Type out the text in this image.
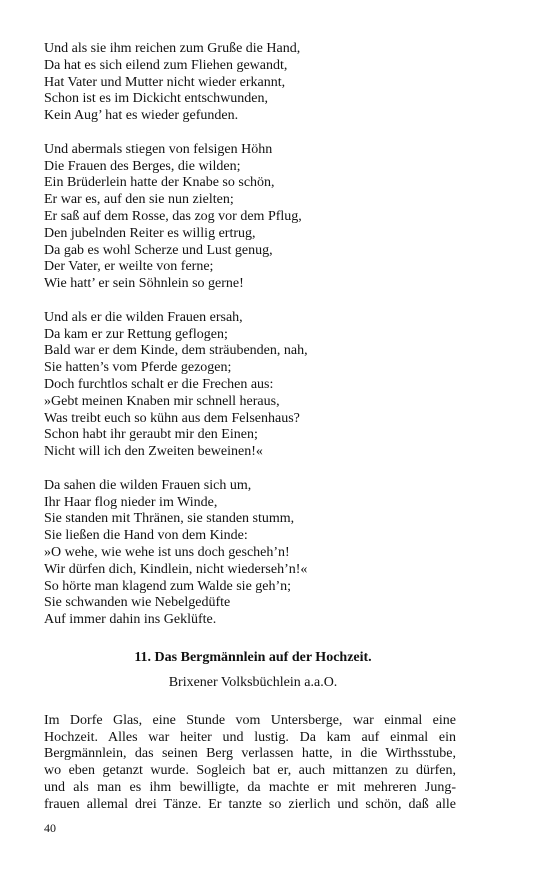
Und als sie ihm reichen zum Gruße die Hand,
Da hat es sich eilend zum Fliehen gewandt,
Hat Vater und Mutter nicht wieder erkannt,
Schon ist es im Dickicht entschwunden,
Kein Aug’ hat es wieder gefunden.
Und abermals stiegen von felsigen Höhn
Die Frauen des Berges, die wilden;
Ein Brüderlein hatte der Knabe so schön,
Er war es, auf den sie nun zielten;
Er saß auf dem Rosse, das zog vor dem Pflug,
Den jubelnden Reiter es willig ertrug,
Da gab es wohl Scherze und Lust genug,
Der Vater, er weilte von ferne;
Wie hatt’ er sein Söhnlein so gerne!
Und als er die wilden Frauen ersah,
Da kam er zur Rettung geflogen;
Bald war er dem Kinde, dem sträubenden, nah,
Sie hatten’s vom Pferde gezogen;
Doch furchtlos schalt er die Frechen aus:
»Gebt meinen Knaben mir schnell heraus,
Was treibt euch so kühn aus dem Felsenhaus?
Schon habt ihr geraubt mir den Einen;
Nicht will ich den Zweiten beweinen!«
Da sahen die wilden Frauen sich um,
Ihr Haar flog nieder im Winde,
Sie standen mit Thränen, sie standen stumm,
Sie ließen die Hand von dem Kinde:
»O wehe, wie wehe ist uns doch gescheh’n!
Wir dürfen dich, Kindlein, nicht wiederseh’n!«
So hörte man klagend zum Walde sie geh’n;
Sie schwanden wie Nebelgedüfte
Auf immer dahin ins Geklüfte.
11. Das Bergmännlein auf der Hochzeit.
Brixener Volksbüchlein a.a.O.
Im Dorfe Glas, eine Stunde vom Untersberge, war einmal eine
Hochzeit. Alles war heiter und lustig. Da kam auf einmal ein
Bergmännlein, das seinen Berg verlassen hatte, in die Wirthsstube,
wo eben getanzt wurde. Sogleich bat er, auch mittanzen zu dürfen,
und als man es ihm bewilligte, da machte er mit mehreren Jung-
frauen allemal drei Tänze. Er tanzte so zierlich und schön, daß alle
40
